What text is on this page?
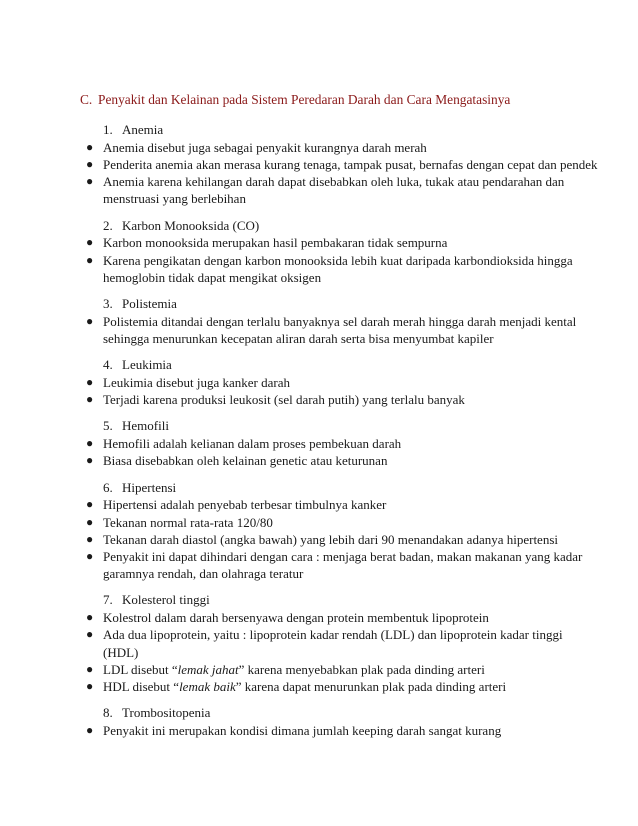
C. Penyakit dan Kelainan pada Sistem Peredaran Darah dan Cara Mengatasinya
1. Anemia
● Anemia disebut juga sebagai penyakit kurangnya darah merah
● Penderita anemia akan merasa kurang tenaga, tampak pusat, bernafas dengan cepat dan pendek
● Anemia karena kehilangan darah dapat disebabkan oleh luka, tukak atau pendarahan dan menstruasi yang berlebihan
2. Karbon Monooksida (CO)
● Karbon monooksida merupakan hasil pembakaran tidak sempurna
● Karena pengikatan dengan karbon monooksida lebih kuat daripada karbondioksida hingga hemoglobin tidak dapat mengikat oksigen
3. Polistemia
● Polistemia ditandai dengan terlalu banyaknya sel darah merah hingga darah menjadi kental sehingga menurunkan kecepatan aliran darah serta bisa menyumbat kapiler
4. Leukimia
● Leukimia disebut juga kanker darah
● Terjadi karena produksi leukosit (sel darah putih) yang terlalu banyak
5. Hemofili
● Hemofili adalah kelianan dalam proses pembekuan darah
● Biasa disebabkan oleh kelainan genetic atau keturunan
6. Hipertensi
● Hipertensi adalah penyebab terbesar timbulnya kanker
● Tekanan normal rata-rata 120/80
● Tekanan darah diastol (angka bawah) yang lebih dari 90 menandakan adanya hipertensi
● Penyakit ini dapat dihindari dengan cara : menjaga berat badan, makan makanan yang kadar garamnya rendah, dan olahraga teratur
7. Kolesterol tinggi
● Kolestrol dalam darah bersenyawa dengan protein membentuk lipoprotein
● Ada dua lipoprotein, yaitu : lipoprotein kadar rendah (LDL) dan lipoprotein kadar tinggi (HDL)
● LDL disebut “lemak jahat” karena menyebabkan plak pada dinding arteri
● HDL disebut “lemak baik” karena dapat menurunkan plak pada dinding arteri
8. Trombositopenia
● Penyakit ini merupakan kondisi dimana jumlah keeping darah sangat kurang
